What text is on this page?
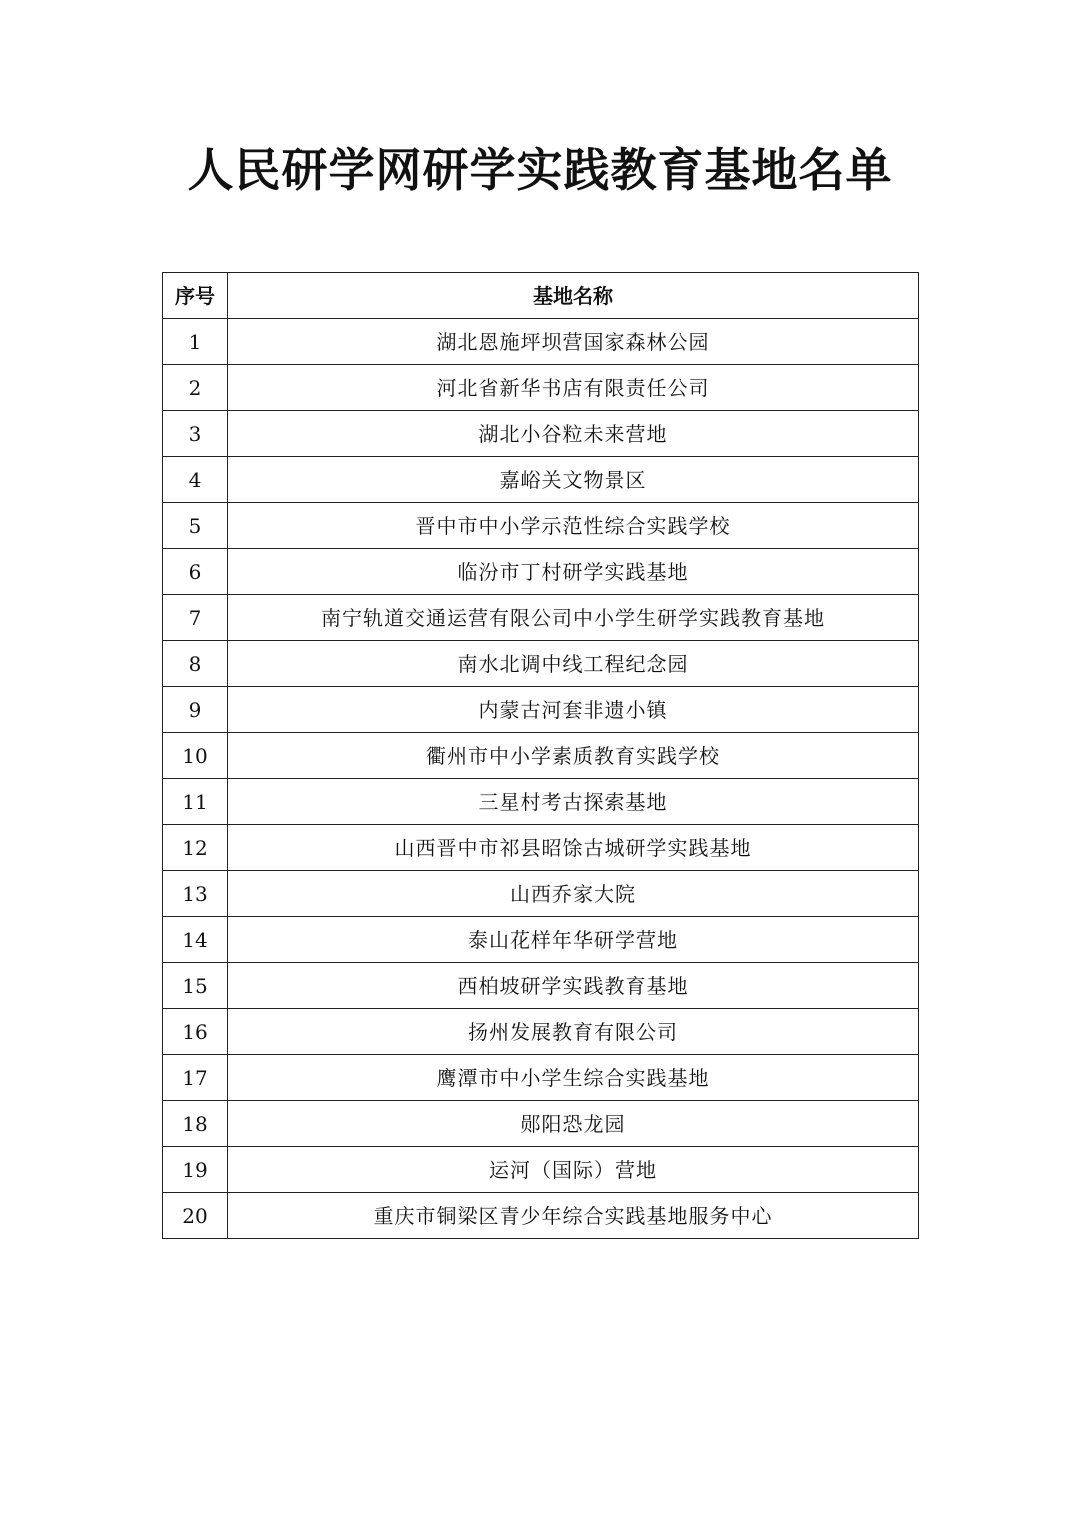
人民研学网研学实践教育基地名单
序号	基地名称
1	湖北恩施坪坝营国家森林公园
2	河北省新华书店有限责任公司
3	湖北小谷粒未来营地
4	嘉峪关文物景区
5	晋中市中小学示范性综合实践学校
6	临汾市丁村研学实践基地
7	南宁轨道交通运营有限公司中小学生研学实践教育基地
8	南水北调中线工程纪念园
9	内蒙古河套非遗小镇
10	衢州市中小学素质教育实践学校
11	三星村考古探索基地
12	山西晋中市祁县昭馀古城研学实践基地
13	山西乔家大院
14	泰山花样年华研学营地
15	西柏坡研学实践教育基地
16	扬州发展教育有限公司
17	鹰潭市中小学生综合实践基地
18	郧阳恐龙园
19	运河（国际）营地
20	重庆市铜梁区青少年综合实践基地服务中心
